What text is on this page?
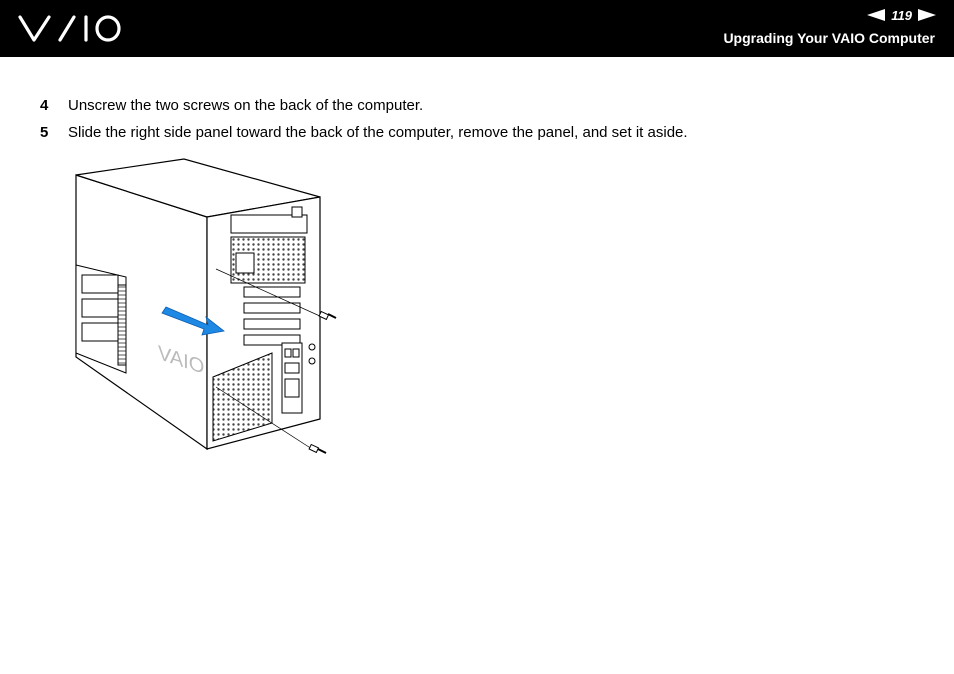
119
Upgrading Your VAIO Computer
4	Unscrew the two screws on the back of the computer.
5	Slide the right side panel toward the back of the computer, remove the panel, and set it aside.
VAIO
